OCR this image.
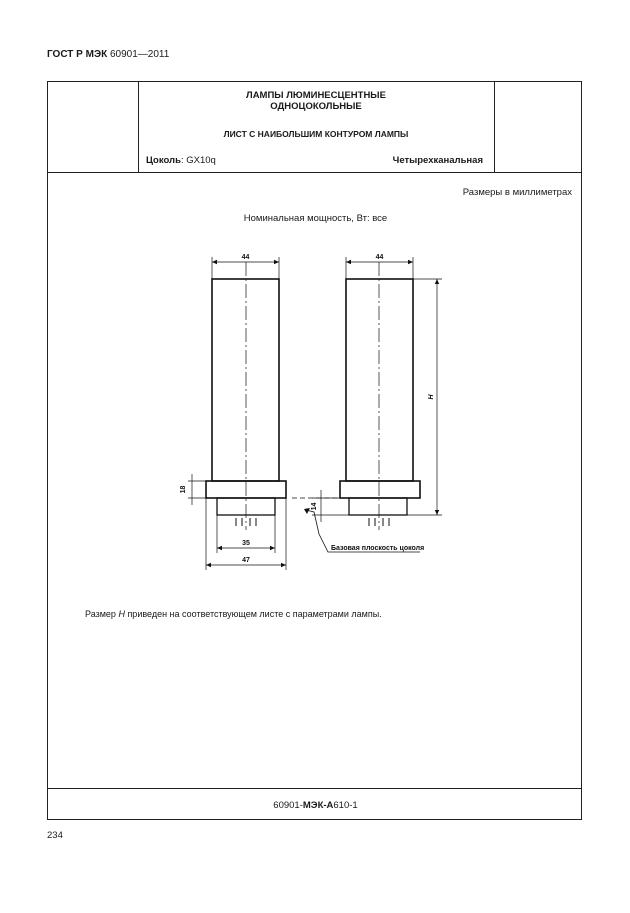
ГОСТ Р МЭК 60901—2011
ЛАМПЫ ЛЮМИНЕСЦЕНТНЫЕ
ОДНОЦОКОЛЬНЫЕ
ЛИСТ С НАИБОЛЬШИМ КОНТУРОМ ЛАМПЫ
Цоколь: GX10q	Четырехканальная
Размеры в миллиметрах
Номинальная мощность, Вт: все
Размер H приведен на соответствующем листе с параметрами лампы.
60901-МЭК-А610-1
44	44
18
35
47
14
H
Базовая плоскость цоколя
234
